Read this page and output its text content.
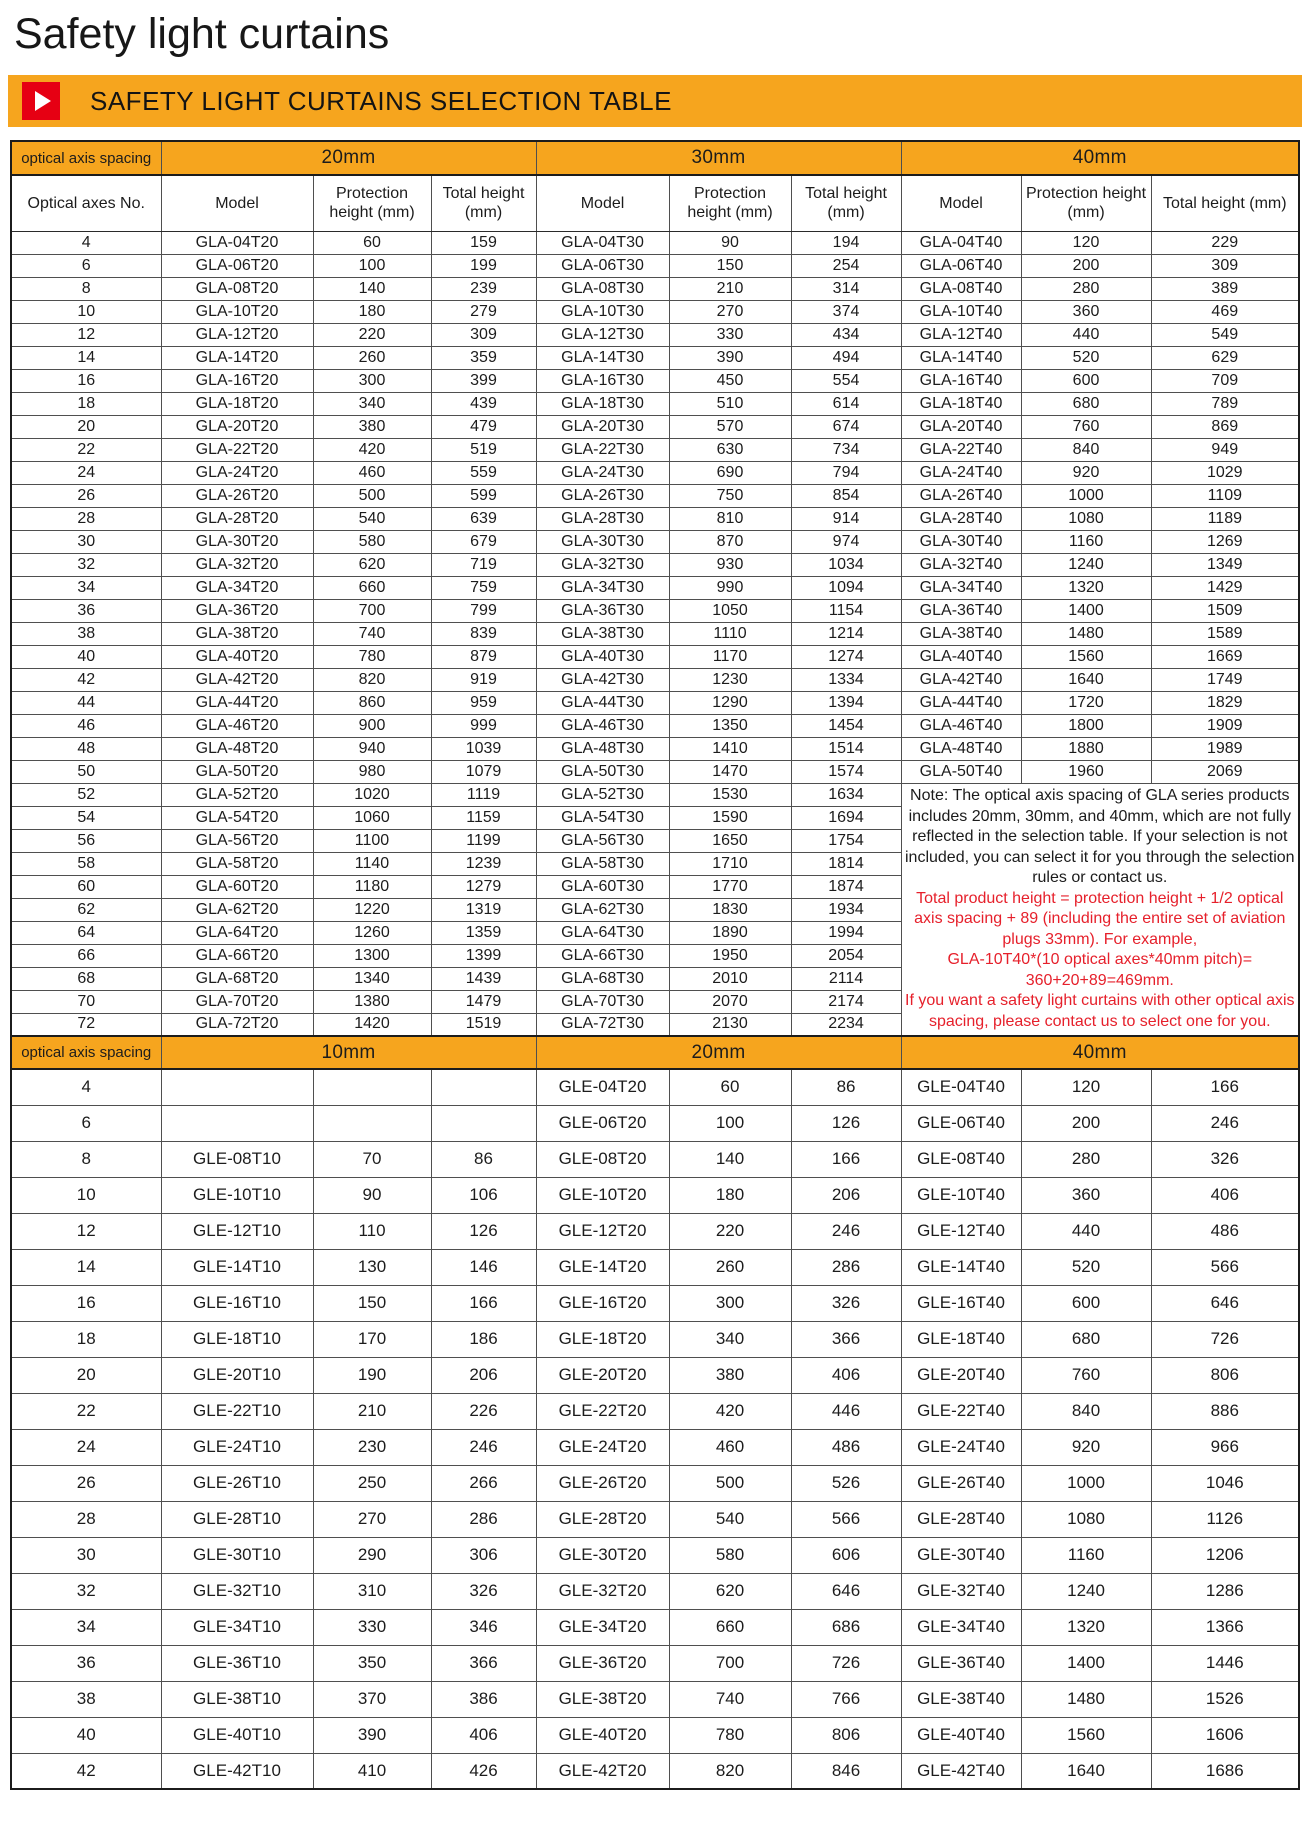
Safety light curtains
SAFETY LIGHT CURTAINS SELECTION TABLE
optical axis spacing	20mm			30mm			40mm		
Optical axes No.	Model	Protection height (mm)	Total height (mm)	Model	Protection height (mm)	Total height (mm)	Model	Protection height (mm)	Total height (mm)
4	GLA-04T20	60	159	GLA-04T30	90	194	GLA-04T40	120	229
6	GLA-06T20	100	199	GLA-06T30	150	254	GLA-06T40	200	309
8	GLA-08T20	140	239	GLA-08T30	210	314	GLA-08T40	280	389
10	GLA-10T20	180	279	GLA-10T30	270	374	GLA-10T40	360	469
12	GLA-12T20	220	309	GLA-12T30	330	434	GLA-12T40	440	549
14	GLA-14T20	260	359	GLA-14T30	390	494	GLA-14T40	520	629
16	GLA-16T20	300	399	GLA-16T30	450	554	GLA-16T40	600	709
18	GLA-18T20	340	439	GLA-18T30	510	614	GLA-18T40	680	789
20	GLA-20T20	380	479	GLA-20T30	570	674	GLA-20T40	760	869
22	GLA-22T20	420	519	GLA-22T30	630	734	GLA-22T40	840	949
24	GLA-24T20	460	559	GLA-24T30	690	794	GLA-24T40	920	1029
26	GLA-26T20	500	599	GLA-26T30	750	854	GLA-26T40	1000	1109
28	GLA-28T20	540	639	GLA-28T30	810	914	GLA-28T40	1080	1189
30	GLA-30T20	580	679	GLA-30T30	870	974	GLA-30T40	1160	1269
32	GLA-32T20	620	719	GLA-32T30	930	1034	GLA-32T40	1240	1349
34	GLA-34T20	660	759	GLA-34T30	990	1094	GLA-34T40	1320	1429
36	GLA-36T20	700	799	GLA-36T30	1050	1154	GLA-36T40	1400	1509
38	GLA-38T20	740	839	GLA-38T30	1110	1214	GLA-38T40	1480	1589
40	GLA-40T20	780	879	GLA-40T30	1170	1274	GLA-40T40	1560	1669
42	GLA-42T20	820	919	GLA-42T30	1230	1334	GLA-42T40	1640	1749
44	GLA-44T20	860	959	GLA-44T30	1290	1394	GLA-44T40	1720	1829
46	GLA-46T20	900	999	GLA-46T30	1350	1454	GLA-46T40	1800	1909
48	GLA-48T20	940	1039	GLA-48T30	1410	1514	GLA-48T40	1880	1989
50	GLA-50T20	980	1079	GLA-50T30	1470	1574	GLA-50T40	1960	2069
52	GLA-52T20	1020	1119	GLA-52T30	1530	1634	Note: The optical axis spacing of GLA series products includes 20mm, 30mm, and 40mm, which are not fully reflected in the selection table. If your selection is not included, you can select it for you through the selection rules or contact us.
Total product height = protection height + 1/2 optical axis spacing + 89 (including the entire set of aviation plugs 33mm). For example,
GLA-10T40*(10 optical axes*40mm pitch)=
360+20+89=469mm.
If you want a safety light curtains with other optical axis spacing, please contact us to select one for you.		

54	GLA-54T20	1060	1159	GLA-54T30	1590	1694			
56	GLA-56T20	1100	1199	GLA-56T30	1650	1754			
58	GLA-58T20	1140	1239	GLA-58T30	1710	1814			
60	GLA-60T20	1180	1279	GLA-60T30	1770	1874			
62	GLA-62T20	1220	1319	GLA-62T30	1830	1934			
64	GLA-64T20	1260	1359	GLA-64T30	1890	1994			
66	GLA-66T20	1300	1399	GLA-66T30	1950	2054			
68	GLA-68T20	1340	1439	GLA-68T30	2010	2114			
70	GLA-70T20	1380	1479	GLA-70T30	2070	2174			
72	GLA-72T20	1420	1519	GLA-72T30	2130	2234			
optical axis spacing	10mm			20mm			40mm		
4				GLE-04T20	60	86	GLE-04T40	120	166
6				GLE-06T20	100	126	GLE-06T40	200	246
8	GLE-08T10	70	86	GLE-08T20	140	166	GLE-08T40	280	326
10	GLE-10T10	90	106	GLE-10T20	180	206	GLE-10T40	360	406
12	GLE-12T10	110	126	GLE-12T20	220	246	GLE-12T40	440	486
14	GLE-14T10	130	146	GLE-14T20	260	286	GLE-14T40	520	566
16	GLE-16T10	150	166	GLE-16T20	300	326	GLE-16T40	600	646
18	GLE-18T10	170	186	GLE-18T20	340	366	GLE-18T40	680	726
20	GLE-20T10	190	206	GLE-20T20	380	406	GLE-20T40	760	806
22	GLE-22T10	210	226	GLE-22T20	420	446	GLE-22T40	840	886
24	GLE-24T10	230	246	GLE-24T20	460	486	GLE-24T40	920	966
26	GLE-26T10	250	266	GLE-26T20	500	526	GLE-26T40	1000	1046
28	GLE-28T10	270	286	GLE-28T20	540	566	GLE-28T40	1080	1126
30	GLE-30T10	290	306	GLE-30T20	580	606	GLE-30T40	1160	1206
32	GLE-32T10	310	326	GLE-32T20	620	646	GLE-32T40	1240	1286
34	GLE-34T10	330	346	GLE-34T20	660	686	GLE-34T40	1320	1366
36	GLE-36T10	350	366	GLE-36T20	700	726	GLE-36T40	1400	1446
38	GLE-38T10	370	386	GLE-38T20	740	766	GLE-38T40	1480	1526
40	GLE-40T10	390	406	GLE-40T20	780	806	GLE-40T40	1560	1606
42	GLE-42T10	410	426	GLE-42T20	820	846	GLE-42T40	1640	1686
